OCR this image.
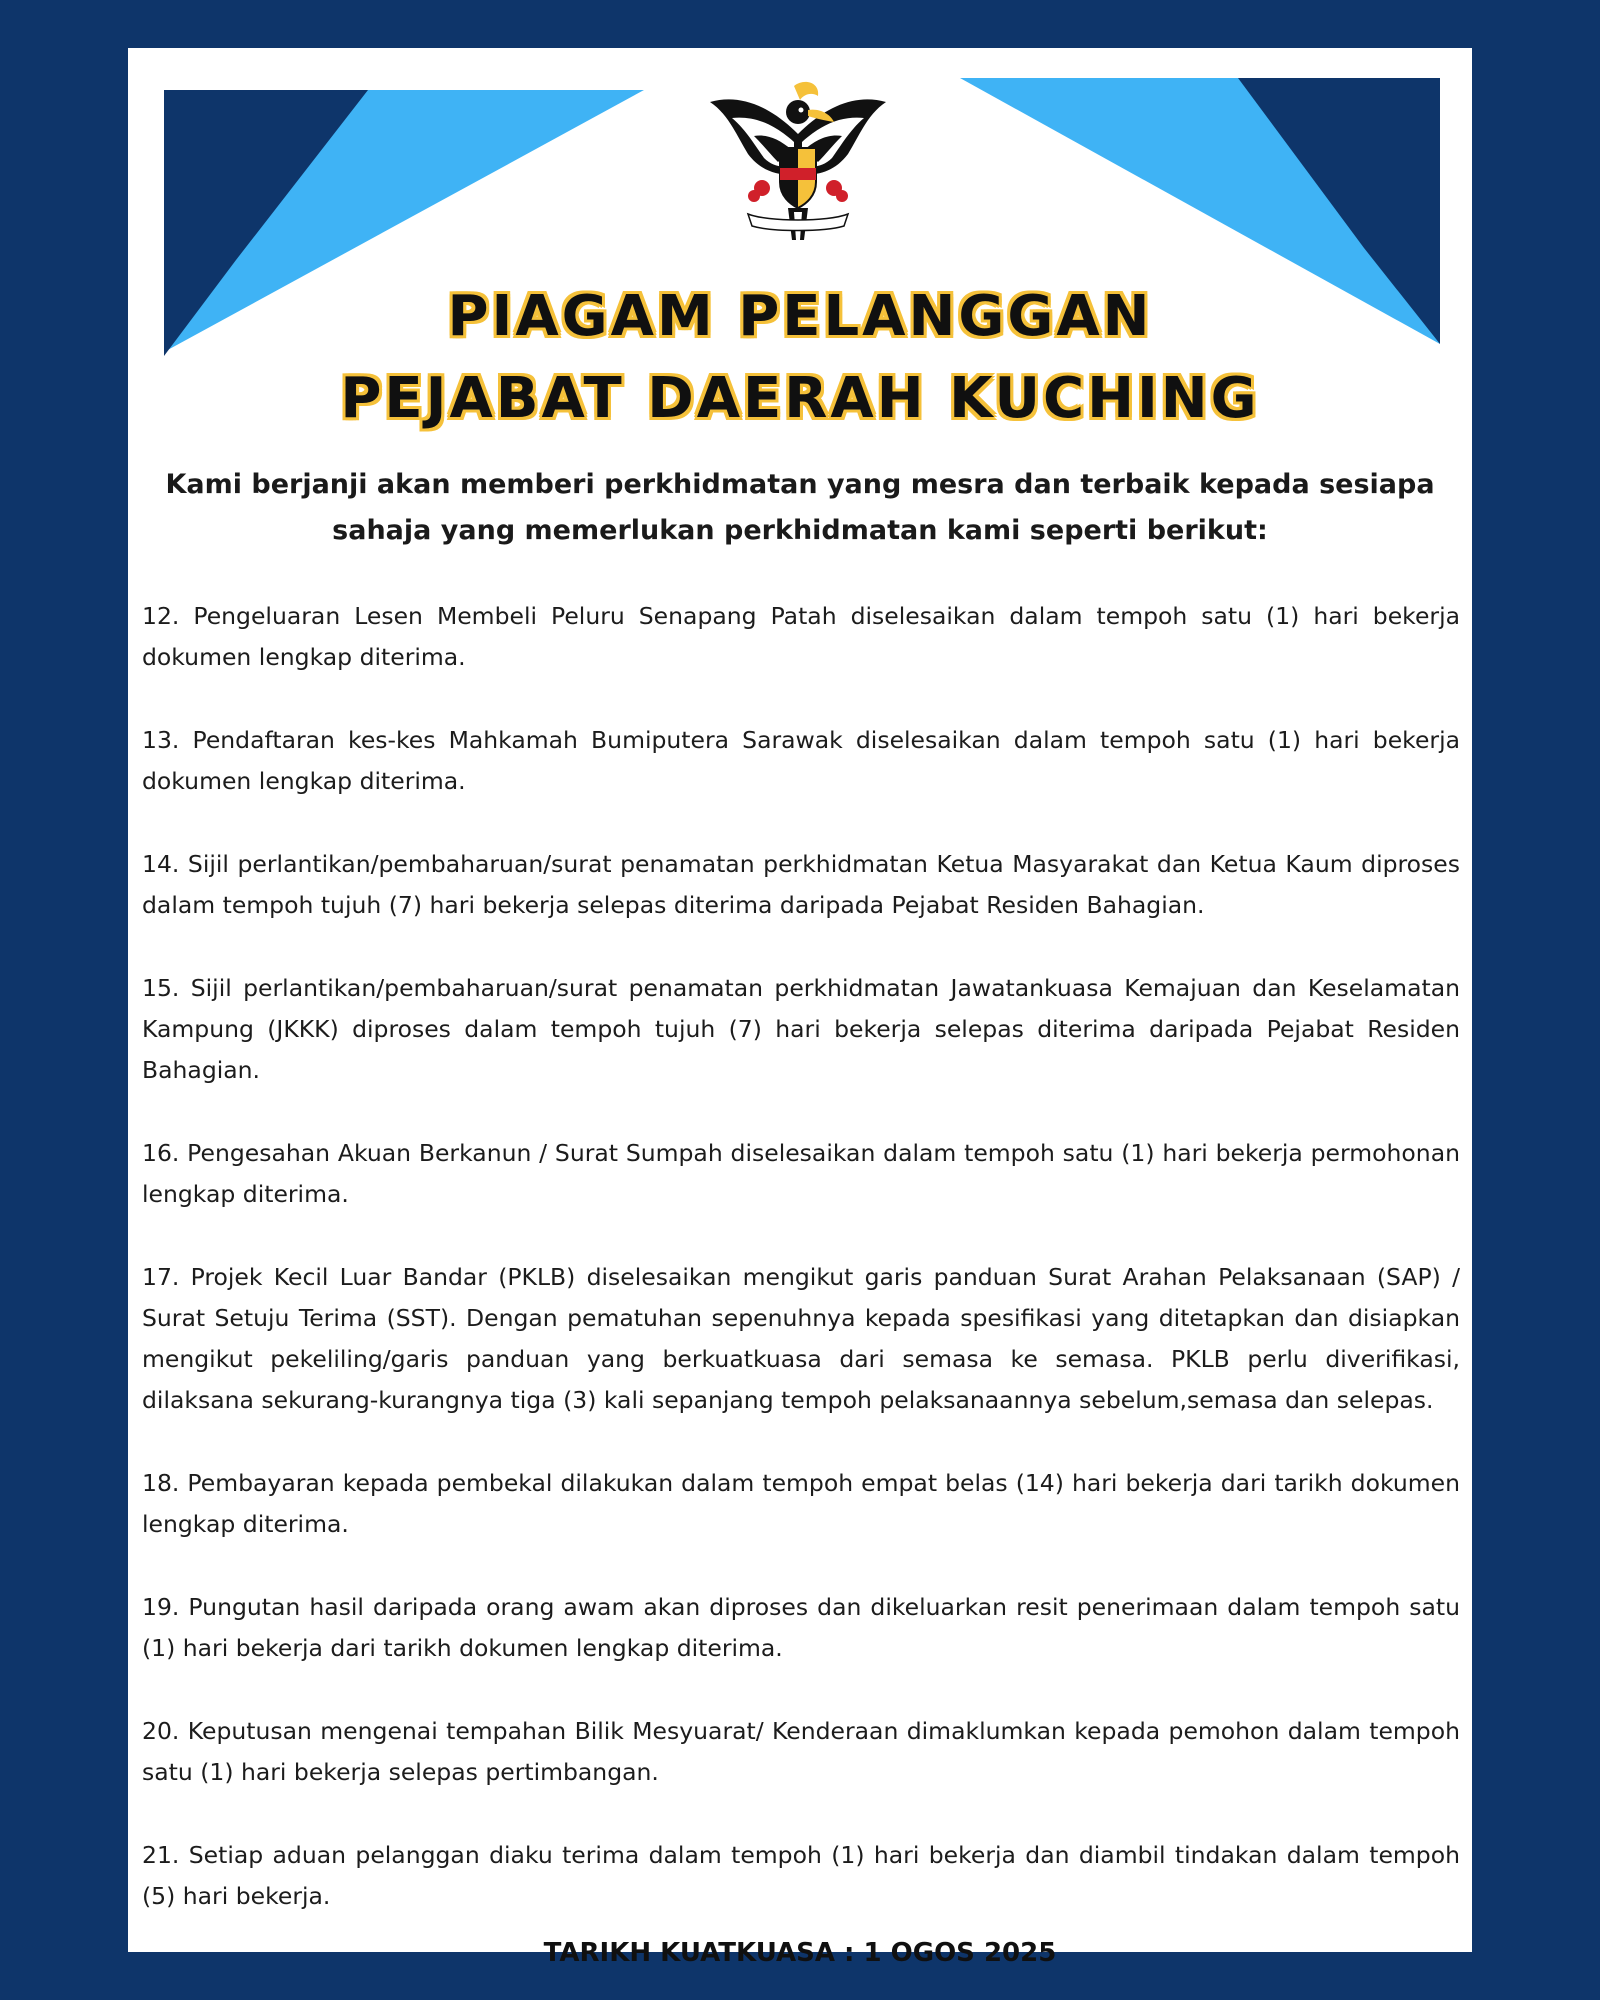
PIAGAM PELANGGAN
PEJABAT DAERAH KUCHING
Kami berjanji akan memberi perkhidmatan yang mesra dan terbaik kepada sesiapa sahaja yang memerlukan perkhidmatan kami seperti berikut:

12. Pengeluaran Lesen Membeli Peluru Senapang Patah diselesaikan dalam tempoh satu (1) hari bekerja dokumen lengkap diterima.

13. Pendaftaran kes-kes Mahkamah Bumiputera Sarawak diselesaikan dalam tempoh satu (1) hari bekerja dokumen lengkap diterima.

14. Sijil perlantikan/pembaharuan/surat penamatan perkhidmatan Ketua Masyarakat dan Ketua Kaum diproses dalam tempoh tujuh (7) hari bekerja selepas diterima daripada Pejabat Residen Bahagian.

15. Sijil perlantikan/pembaharuan/surat penamatan perkhidmatan Jawatankuasa Kemajuan dan Keselamatan Kampung (JKKK) diproses dalam tempoh tujuh (7) hari bekerja selepas diterima daripada Pejabat Residen Bahagian.

16. Pengesahan Akuan Berkanun / Surat Sumpah diselesaikan dalam tempoh satu (1) hari bekerja permohonan lengkap diterima.

17. Projek Kecil Luar Bandar (PKLB) diselesaikan mengikut garis panduan Surat Arahan Pelaksanaan (SAP) / Surat Setuju Terima (SST). Dengan pematuhan sepenuhnya kepada spesifikasi yang ditetapkan dan disiapkan mengikut pekeliling/garis panduan yang berkuatkuasa dari semasa ke semasa. PKLB perlu diverifikasi, dilaksana sekurang-kurangnya tiga (3) kali sepanjang tempoh pelaksanaannya sebelum,semasa dan selepas.

18. Pembayaran kepada pembekal dilakukan dalam tempoh empat belas (14) hari bekerja dari tarikh dokumen lengkap diterima.

19. Pungutan hasil daripada orang awam akan diproses dan dikeluarkan resit penerimaan dalam tempoh satu (1) hari bekerja dari tarikh dokumen lengkap diterima.

20. Keputusan mengenai tempahan Bilik Mesyuarat/ Kenderaan dimaklumkan kepada pemohon dalam tempoh satu (1) hari bekerja selepas pertimbangan.

21. Setiap aduan pelanggan diaku terima dalam tempoh (1) hari bekerja dan diambil tindakan dalam tempoh (5) hari bekerja.

TARIKH KUATKUASA : 1 OGOS 2025
